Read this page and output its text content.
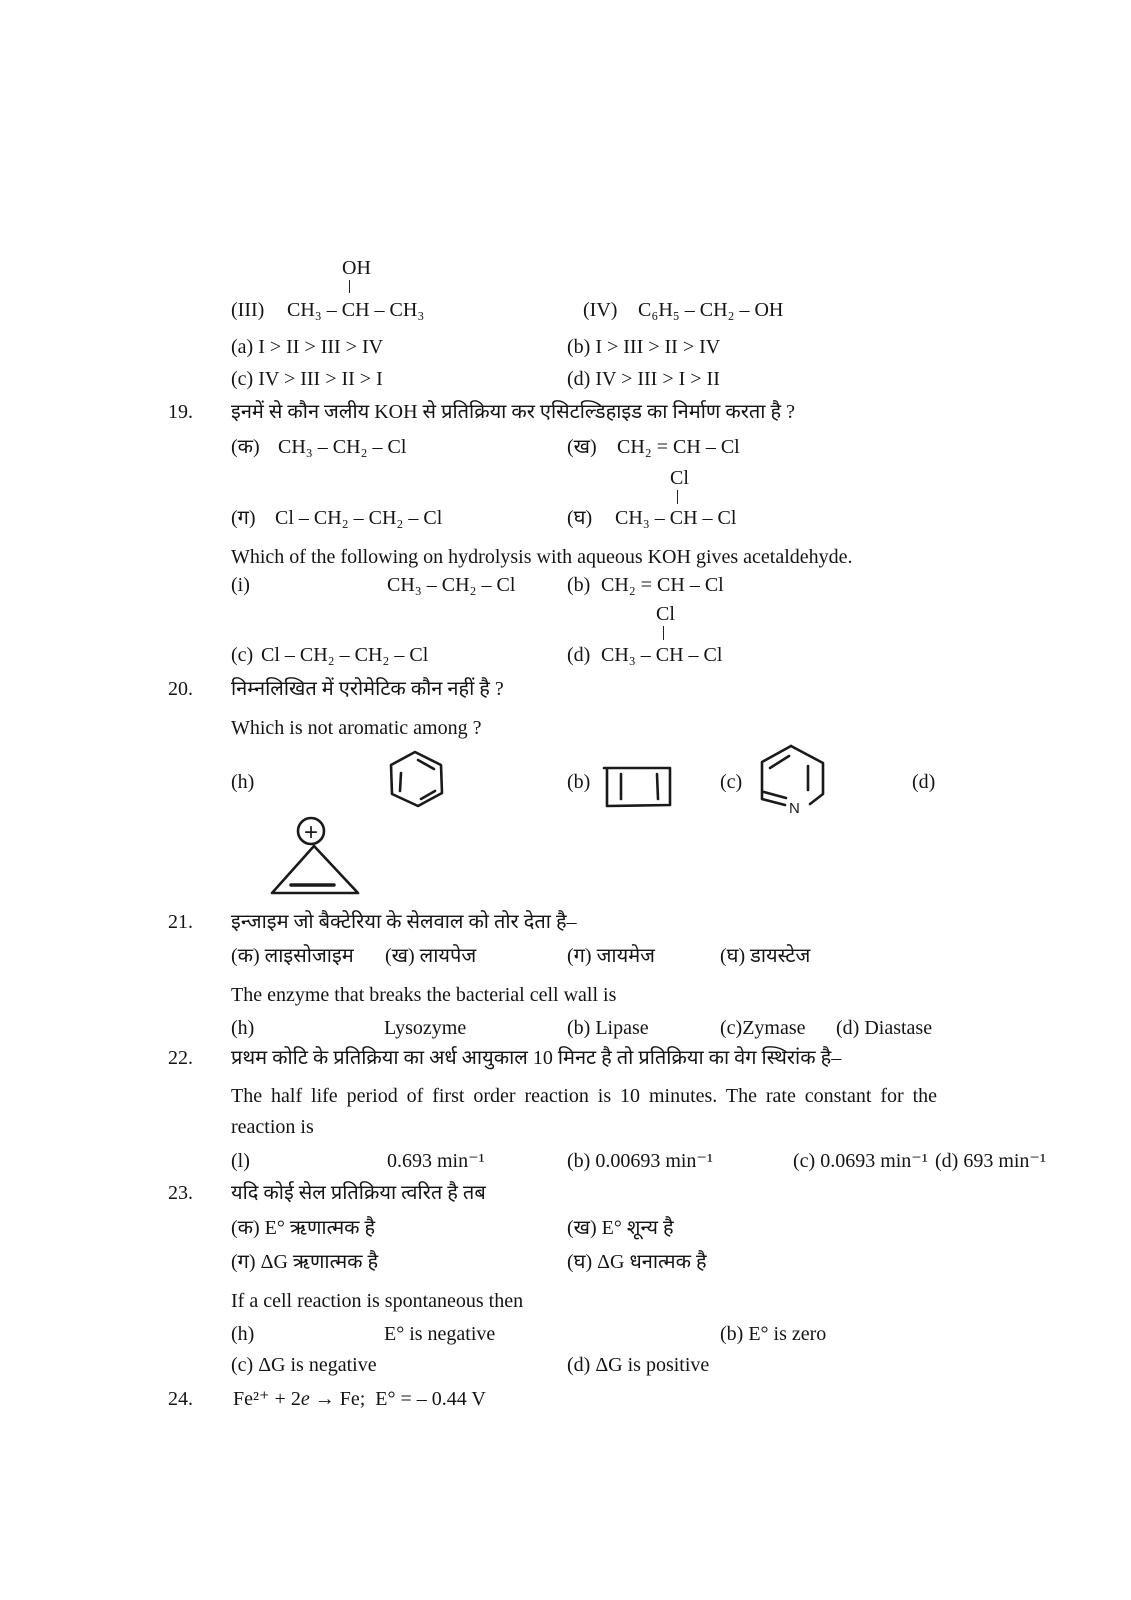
OH
(III) CH₃ – CH – CH₃	(IV) C₆H₅ – CH₂ – OH
(a) I > II > III > IV	(b) I > III > II > IV
(c) IV > III > II > I	(d) IV > III > I > II
19. इनमें से कौन जलीय KOH से प्रतिक्रिया कर एसिटल्डिहाइड का निर्माण करता है ?
(क) CH₃ – CH₂ – Cl	(ख) CH₂ = CH – Cl
Cl
(ग) Cl – CH₂ – CH₂ – Cl	(घ) CH₃ – CH – Cl
Which of the following on hydrolysis with aqueous KOH gives acetaldehyde.
(i)	CH₃ – CH₂ – Cl	(b) CH₂ = CH – Cl
Cl
(c) Cl – CH₂ – CH₂ – Cl	(d) CH₃ – CH – Cl
20. निम्नलिखित में एरोमेटिक कौन नहीं है ?
Which is not aromatic among ?
(h)	(b)	(c)	(d)
N
+
21. इन्जाइम जो बैक्टेरिया के सेलवाल को तोर देता है–
(क) लाइसोजाइम (ख) लायपेज	(ग) जायमेज	(घ) डायस्टेज
The enzyme that breaks the bacterial cell wall is
(h)	Lysozyme	(b) Lipase	(c)Zymase (d) Diastase
22. प्रथम कोटि के प्रतिक्रिया का अर्ध आयुकाल 10 मिनट है तो प्रतिक्रिया का वेग स्थिरांक है–
The half life period of first order reaction is 10 minutes. The rate constant for the
reaction is
(l)	0.693 min⁻¹	(b) 0.00693 min⁻¹	(c) 0.0693 min⁻¹ (d) 693 min⁻¹
23. यदि कोई सेल प्रतिक्रिया त्वरित है तब
(क) E° ऋणात्मक है	(ख) E° शून्य है
(ग) ΔG ऋणात्मक है	(घ) ΔG धनात्मक है
If a cell reaction is spontaneous then
(h)	E° is negative	(b) E° is zero
(c) ΔG is negative	(d) ΔG is positive
24. Fe²⁺ + 2e → Fe;  E° = – 0.44 V
